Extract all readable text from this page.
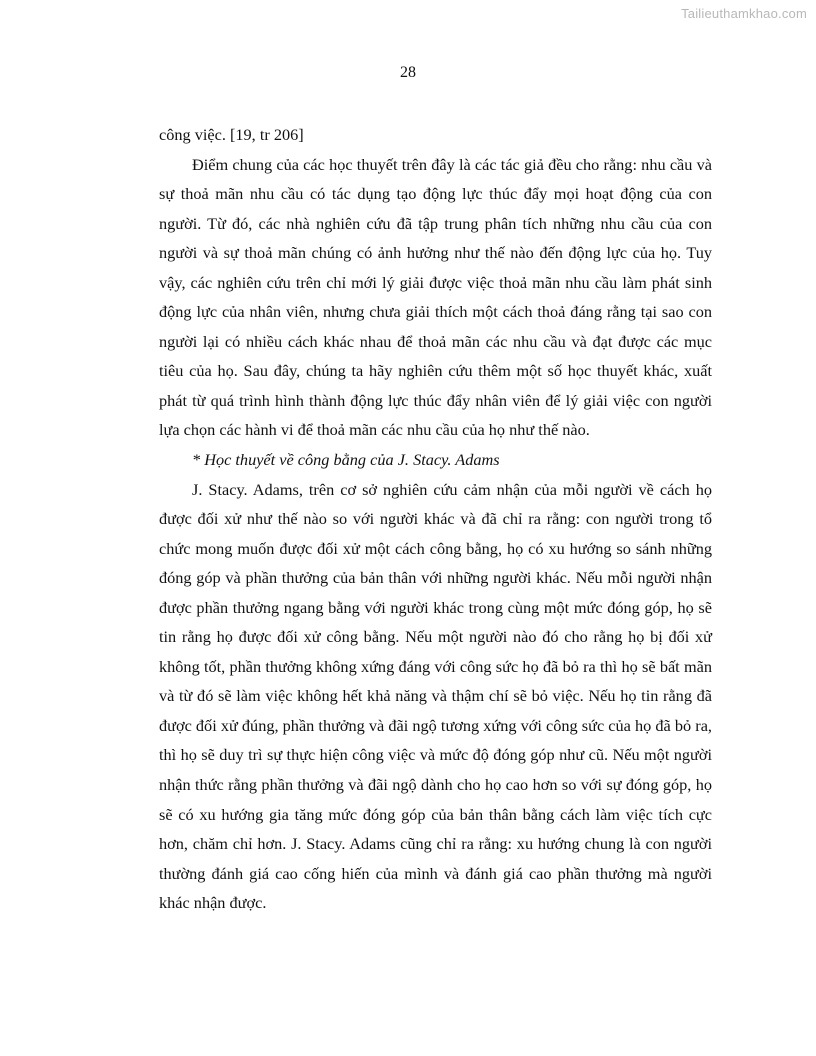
Tailieuthamkhao.com
28

công việc. [19, tr 206]

Điểm chung của các học thuyết trên đây là các tác giả đều cho rằng: nhu cầu và sự thoả mãn nhu cầu có tác dụng tạo động lực thúc đẩy mọi hoạt động của con người. Từ đó, các nhà nghiên cứu đã tập trung phân tích những nhu cầu của con người và sự thoả mãn chúng có ảnh hưởng như thế nào đến động lực của họ. Tuy vậy, các nghiên cứu trên chỉ mới lý giải được việc thoả mãn nhu cầu làm phát sinh động lực của nhân viên, nhưng chưa giải thích một cách thoả đáng rằng tại sao con người lại có nhiều cách khác nhau để thoả mãn các nhu cầu và đạt được các mục tiêu của họ. Sau đây, chúng ta hãy nghiên cứu thêm một số học thuyết khác, xuất phát từ quá trình hình thành động lực thúc đẩy nhân viên để lý giải việc con người lựa chọn các hành vi để thoả mãn các nhu cầu của họ như thế nào.

* Học thuyết về công bằng của J. Stacy. Adams

J. Stacy. Adams, trên cơ sở nghiên cứu cảm nhận của mỗi người về cách họ được đối xử như thế nào so với người khác và đã chỉ ra rằng: con người trong tổ chức mong muốn được đối xử một cách công bằng, họ có xu hướng so sánh những đóng góp và phần thưởng của bản thân với những người khác. Nếu mỗi người nhận được phần thưởng ngang bằng với người khác trong cùng một mức đóng góp, họ sẽ tin rằng họ được đối xử công bằng. Nếu một người nào đó cho rằng họ bị đối xử không tốt, phần thưởng không xứng đáng với công sức họ đã bỏ ra thì họ sẽ bất mãn và từ đó sẽ làm việc không hết khả năng và thậm chí sẽ bỏ việc. Nếu họ tin rằng đã được đối xử đúng, phần thưởng và đãi ngộ tương xứng với công sức của họ đã bỏ ra, thì họ sẽ duy trì sự thực hiện công việc và mức độ đóng góp như cũ. Nếu một người nhận thức rằng phần thưởng và đãi ngộ dành cho họ cao hơn so với sự đóng góp, họ sẽ có xu hướng gia tăng mức đóng góp của bản thân bằng cách làm việc tích cực hơn, chăm chỉ hơn. J. Stacy. Adams cũng chỉ ra rằng: xu hướng chung là con người thường đánh giá cao cống hiến của mình và đánh giá cao phần thưởng mà người khác nhận được.
